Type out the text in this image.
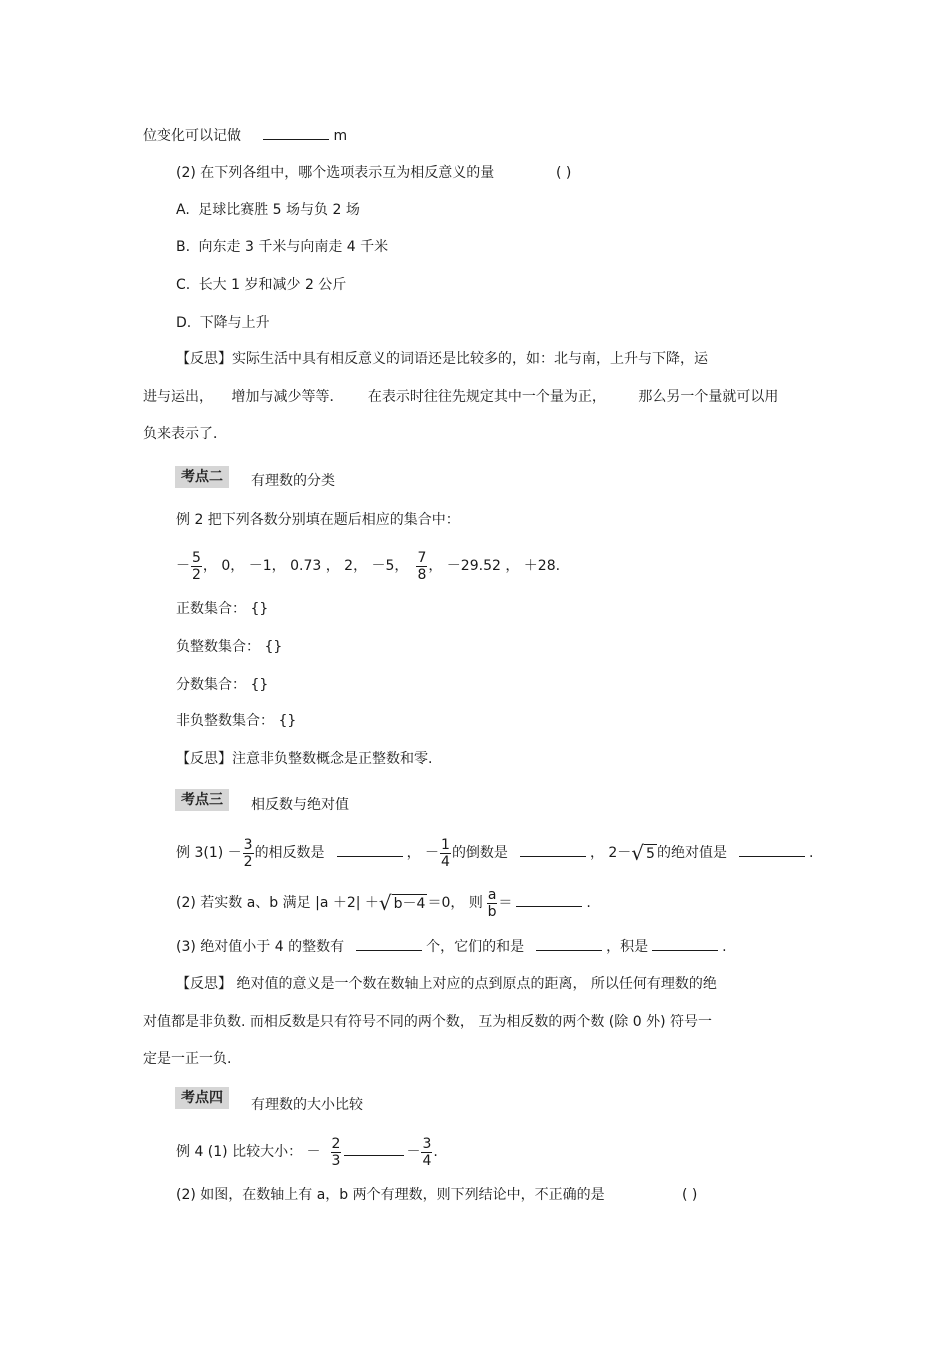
位变化可以记做	m
(2) 在下列各组中，哪个选项表示互为相反意义的量	( )
A. 足球比赛胜 5 场与负 2 场
B. 向东走 3 千米与向南走 4 千米
C. 长大 1 岁和减少 2 公斤
D. 下降与上升
【反思】实际生活中具有相反意义的词语还是比较多的，如：北与南，上升与下降，运
进与运出， 增加与减少等等． 在表示时往往先规定其中一个量为正， 那么另一个量就可以用
负来表示了．
考点二	有理数的分类
例 2 把下列各数分别填在题后相应的集合中：
－ $\frac{5}{2}$ ， 0， －1， 0.73 ， 2， －5， $\frac{7}{8}$ ， －29.52 ， ＋28.
正数集合： {}
负整数集合： {}
分数集合： {}
非负整数集合： {}
【反思】注意非负整数概念是正整数和零.
考点三	相反数与绝对值
例 $3(1) - \frac{3}{2}$ 的相反数是	， － $\frac{1}{4}$ 的倒数是	， 2－ √ 5 的绝对值是	.
(2) 若实数 a、b 满足 |a ＋2| ＋ √ b－4 ＝0， 则 $\frac{a}{b}$ ＝	.
(3) 绝对值小于 4 的整数有	个，它们的和是	，积是	.
【反思】 绝对值的意义是一个数在数轴上对应的点到原点的距离， 所以任何有理数的绝
对值都是非负数. 而相反数是只有符号不同的两个数， 互为相反数的两个数 (除 0 外) 符号一
定是一正一负.
考点四	有理数的大小比较
例 4 (1) 比较大小： － $\frac{2}{3}$	－ $\frac{3}{4}$ .
(2) 如图，在数轴上有 a，b 两个有理数，则下列结论中，不正确的是	( )
